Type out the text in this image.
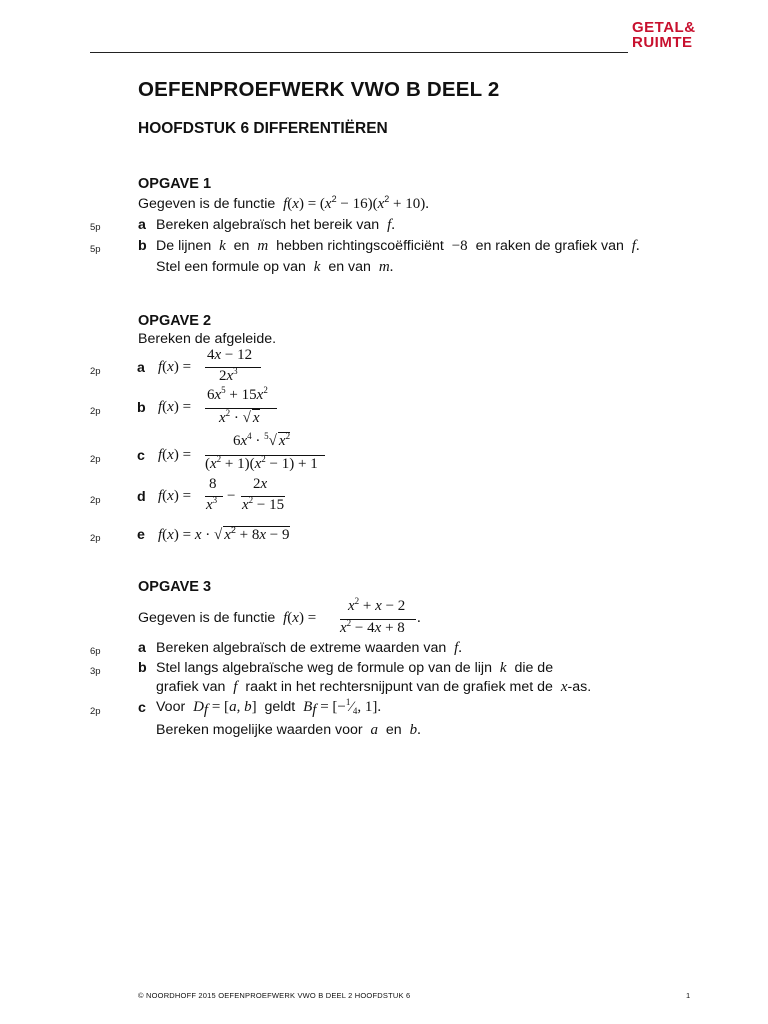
GETAL&
RUIMTE
OEFENPROEFWERK VWO B DEEL 2
HOOFDSTUK 6 DIFFERENTIËREN
OPGAVE 1
Gegeven is de functie $f(x) = (x^2 - 16)(x^2 + 10)$.
5p	a Bereken algebraïsch het bereik van f.
5p	b De lijnen k en m hebben richtingscoëfficiënt −8 en raken de grafiek van f.
Stel een formule op van k en van m.
OPGAVE 2
Bereken de afgeleide.
2p	a f(x) =
4x − 12
$2x^3$
2p	b f(x) =
$6x^5 + 15x^2$
$x^2$ · √ x
2p	c f(x) =
$6x^4 \cdot ^5√$ $x^2$
$(x^2 + 1)(x^2 - 1) + 1$
2p	d f(x) =
8
$x^3$ −
2x
$x^2 - 15$
2p	e f(x) = x · √ $x^2 + 8x - 9$
OPGAVE 3
Gegeven is de functie f(x) =
$x^2 + x - 2$
$x^2 - 4x + 8$
.
6p	a Bereken algebraïsch de extreme waarden van f.
3p	b Stel langs algebraïsche weg de formule op van de lijn k die de
grafiek van f raakt in het rechtersnijpunt van de grafiek met de x-as.
2p	c Voor $D_f = [a$, b] geldt $B_f$ = [$-^1⁄_4$, 1].
Bereken mogelijke waarden voor a en b.
© NOORDHOFF 2015 OEFENPROEFWERK VWO B DEEL 2 HOOFDSTUK 6	1
